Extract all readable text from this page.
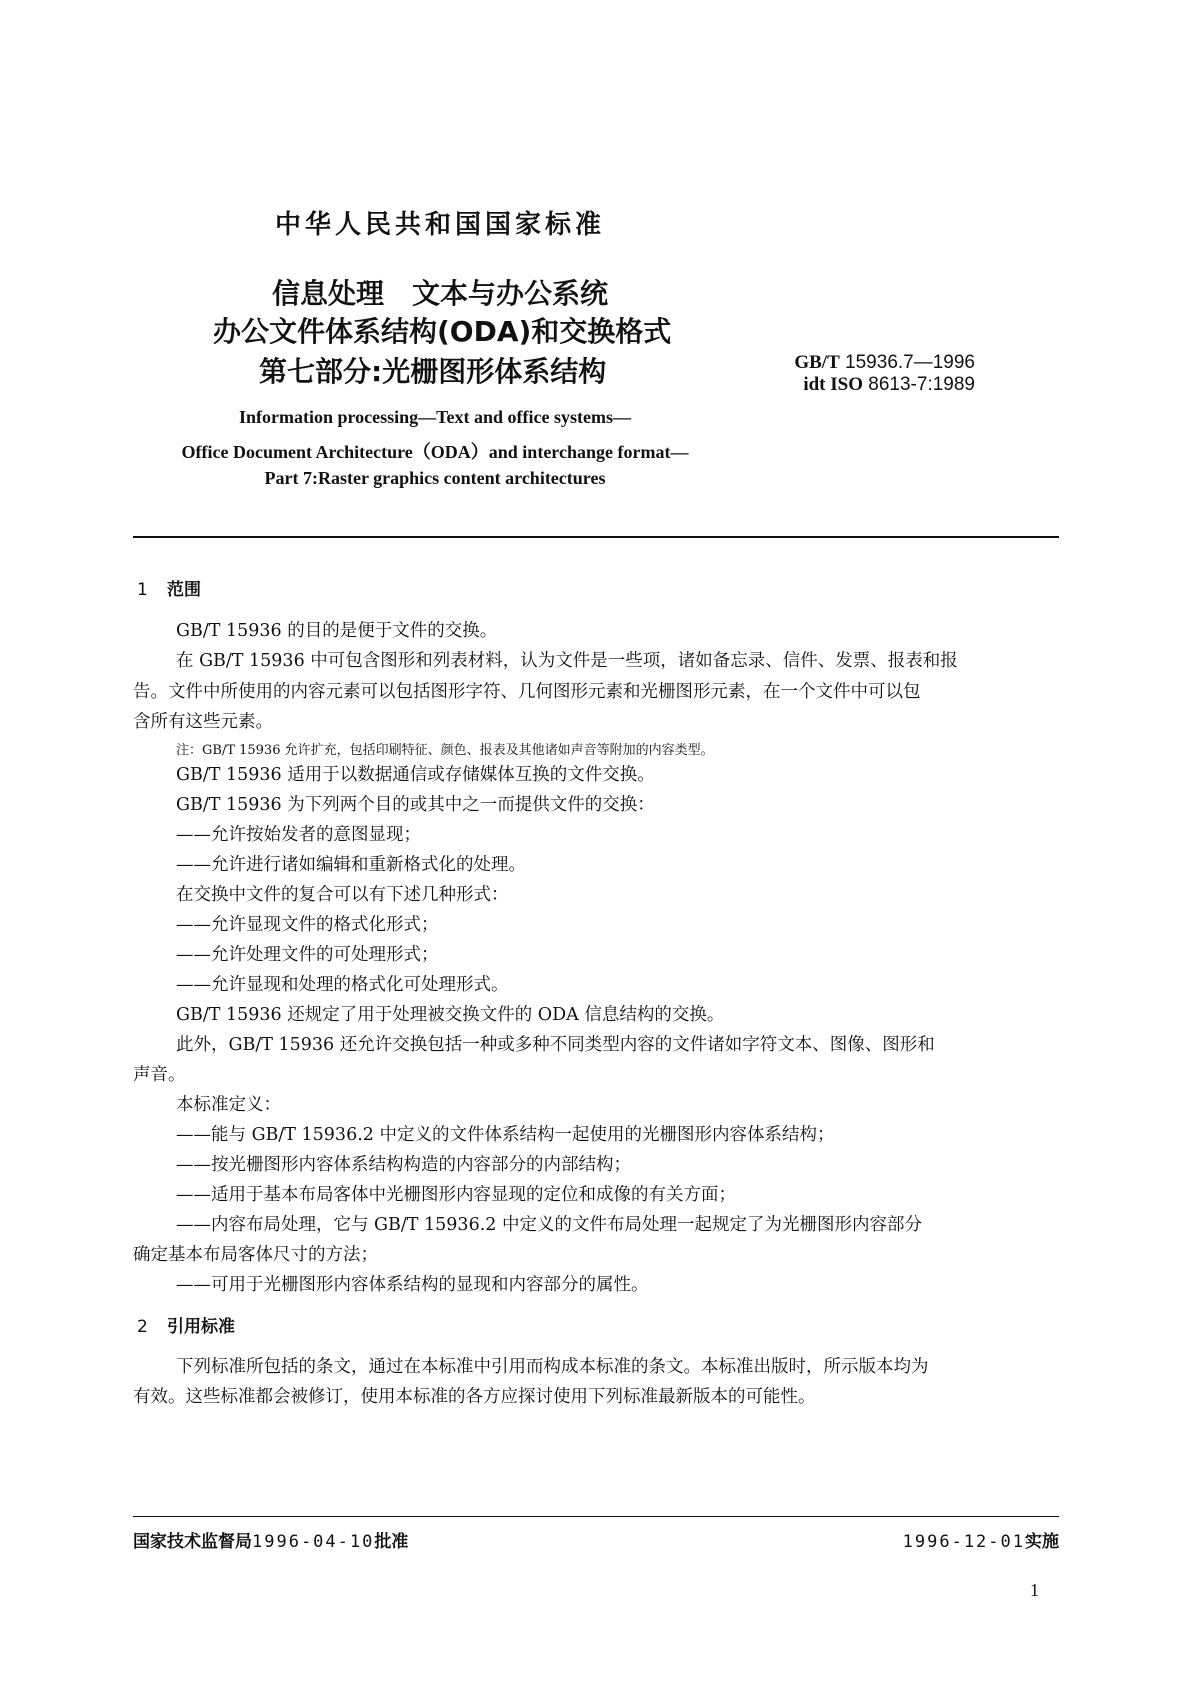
中华人民共和国国家标准
信息处理　文本与办公系统
办公文件体系结构(ODA)和交换格式
第七部分:光栅图形体系结构	GB/T 15936.7—1996
idt ISO 8613-7:1989
Information processing—Text and office systems—
Office Document Architecture（ODA）and interchange format—
Part 7:Raster graphics content architectures
1 范围
GB/T 15936 的目的是便于文件的交换。
在 GB/T 15936 中可包含图形和列表材料，认为文件是一些项，诸如备忘录、信件、发票、报表和报
告。文件中所使用的内容元素可以包括图形字符、几何图形元素和光栅图形元素，在一个文件中可以包
含所有这些元素。
注：GB/T 15936 允许扩充，包括印刷特征、颜色、报表及其他诸如声音等附加的内容类型。
GB/T 15936 适用于以数据通信或存储媒体互换的文件交换。
GB/T 15936 为下列两个目的或其中之一而提供文件的交换：
——允许按始发者的意图显现；
——允许进行诸如编辑和重新格式化的处理。
在交换中文件的复合可以有下述几种形式：
——允许显现文件的格式化形式；
——允许处理文件的可处理形式；
——允许显现和处理的格式化可处理形式。
GB/T 15936 还规定了用于处理被交换文件的 ODA 信息结构的交换。
此外，GB/T 15936 还允许交换包括一种或多种不同类型内容的文件诸如字符文本、图像、图形和
声音。
本标准定义：
——能与 GB/T 15936.2 中定义的文件体系结构一起使用的光栅图形内容体系结构；
——按光栅图形内容体系结构构造的内容部分的内部结构；
——适用于基本布局客体中光栅图形内容显现的定位和成像的有关方面；
——内容布局处理，它与 GB/T 15936.2 中定义的文件布局处理一起规定了为光栅图形内容部分
确定基本布局客体尺寸的方法；
——可用于光栅图形内容体系结构的显现和内容部分的属性。
2 引用标准
下列标准所包括的条文，通过在本标准中引用而构成本标准的条文。本标准出版时，所示版本均为
有效。这些标准都会被修订，使用本标准的各方应探讨使用下列标准最新版本的可能性。
国家技术监督局1996-04-10批准	1996-12-01实施
1
